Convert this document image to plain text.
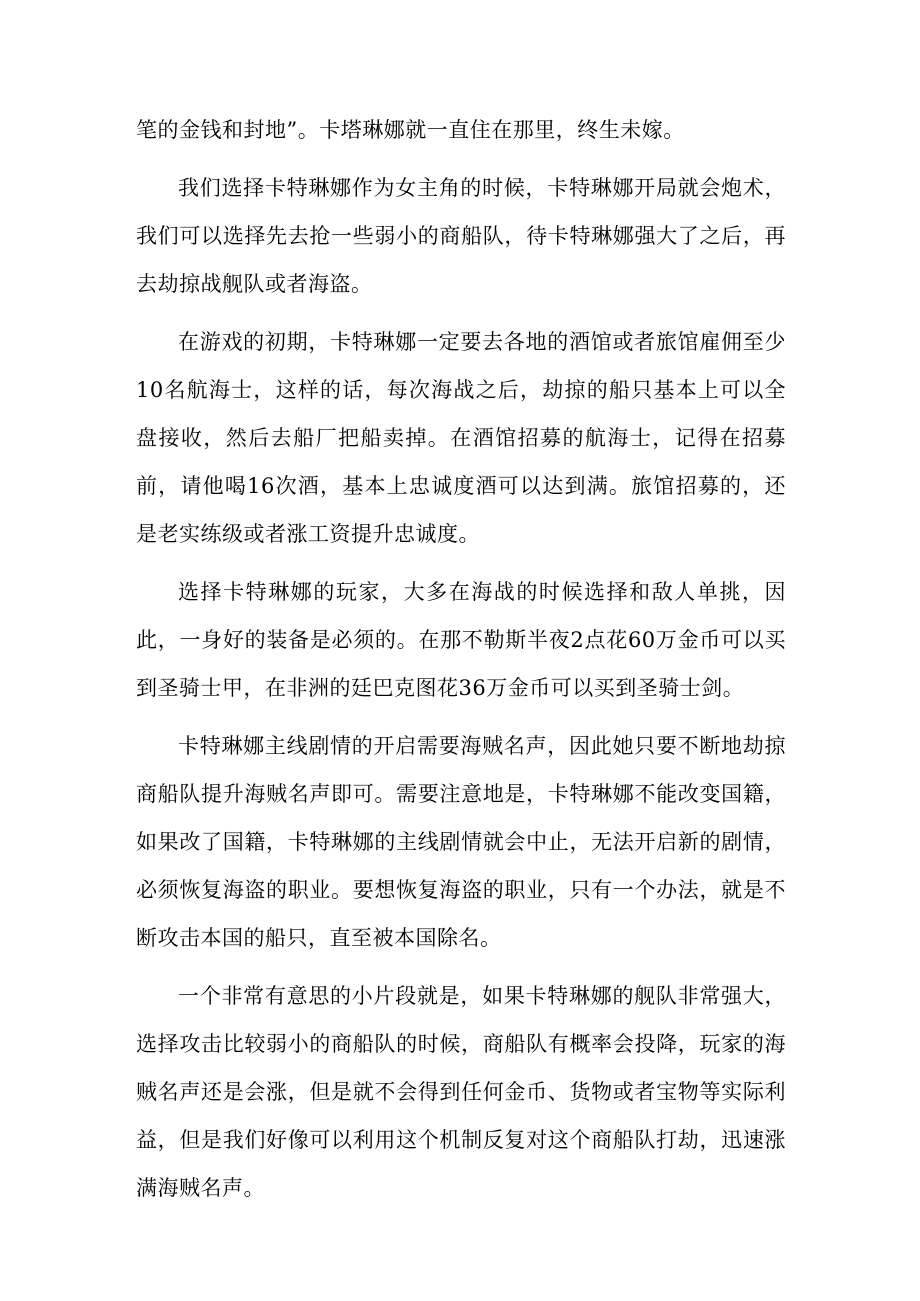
笔的金钱和封地”。卡塔琳娜就一直住在那里，终生未嫁。

我们选择卡特琳娜作为女主角的时候，卡特琳娜开局就会炮术，我们可以选择先去抢一些弱小的商船队，待卡特琳娜强大了之后，再去劫掠战舰队或者海盗。

在游戏的初期，卡特琳娜一定要去各地的酒馆或者旅馆雇佣至少10名航海士，这样的话，每次海战之后，劫掠的船只基本上可以全盘接收，然后去船厂把船卖掉。在酒馆招募的航海士，记得在招募前，请他喝16次酒，基本上忠诚度酒可以达到满。旅馆招募的，还是老实练级或者涨工资提升忠诚度。

选择卡特琳娜的玩家，大多在海战的时候选择和敌人单挑，因此，一身好的装备是必须的。在那不勒斯半夜2点花60万金币可以买到圣骑士甲，在非洲的廷巴克图花36万金币可以买到圣骑士剑。

卡特琳娜主线剧情的开启需要海贼名声，因此她只要不断地劫掠商船队提升海贼名声即可。需要注意地是，卡特琳娜不能改变国籍，如果改了国籍，卡特琳娜的主线剧情就会中止，无法开启新的剧情，必须恢复海盗的职业。要想恢复海盗的职业，只有一个办法，就是不断攻击本国的船只，直至被本国除名。

一个非常有意思的小片段就是，如果卡特琳娜的舰队非常强大，选择攻击比较弱小的商船队的时候，商船队有概率会投降，玩家的海贼名声还是会涨，但是就不会得到任何金币、货物或者宝物等实际利益，但是我们好像可以利用这个机制反复对这个商船队打劫，迅速涨满海贼名声。
